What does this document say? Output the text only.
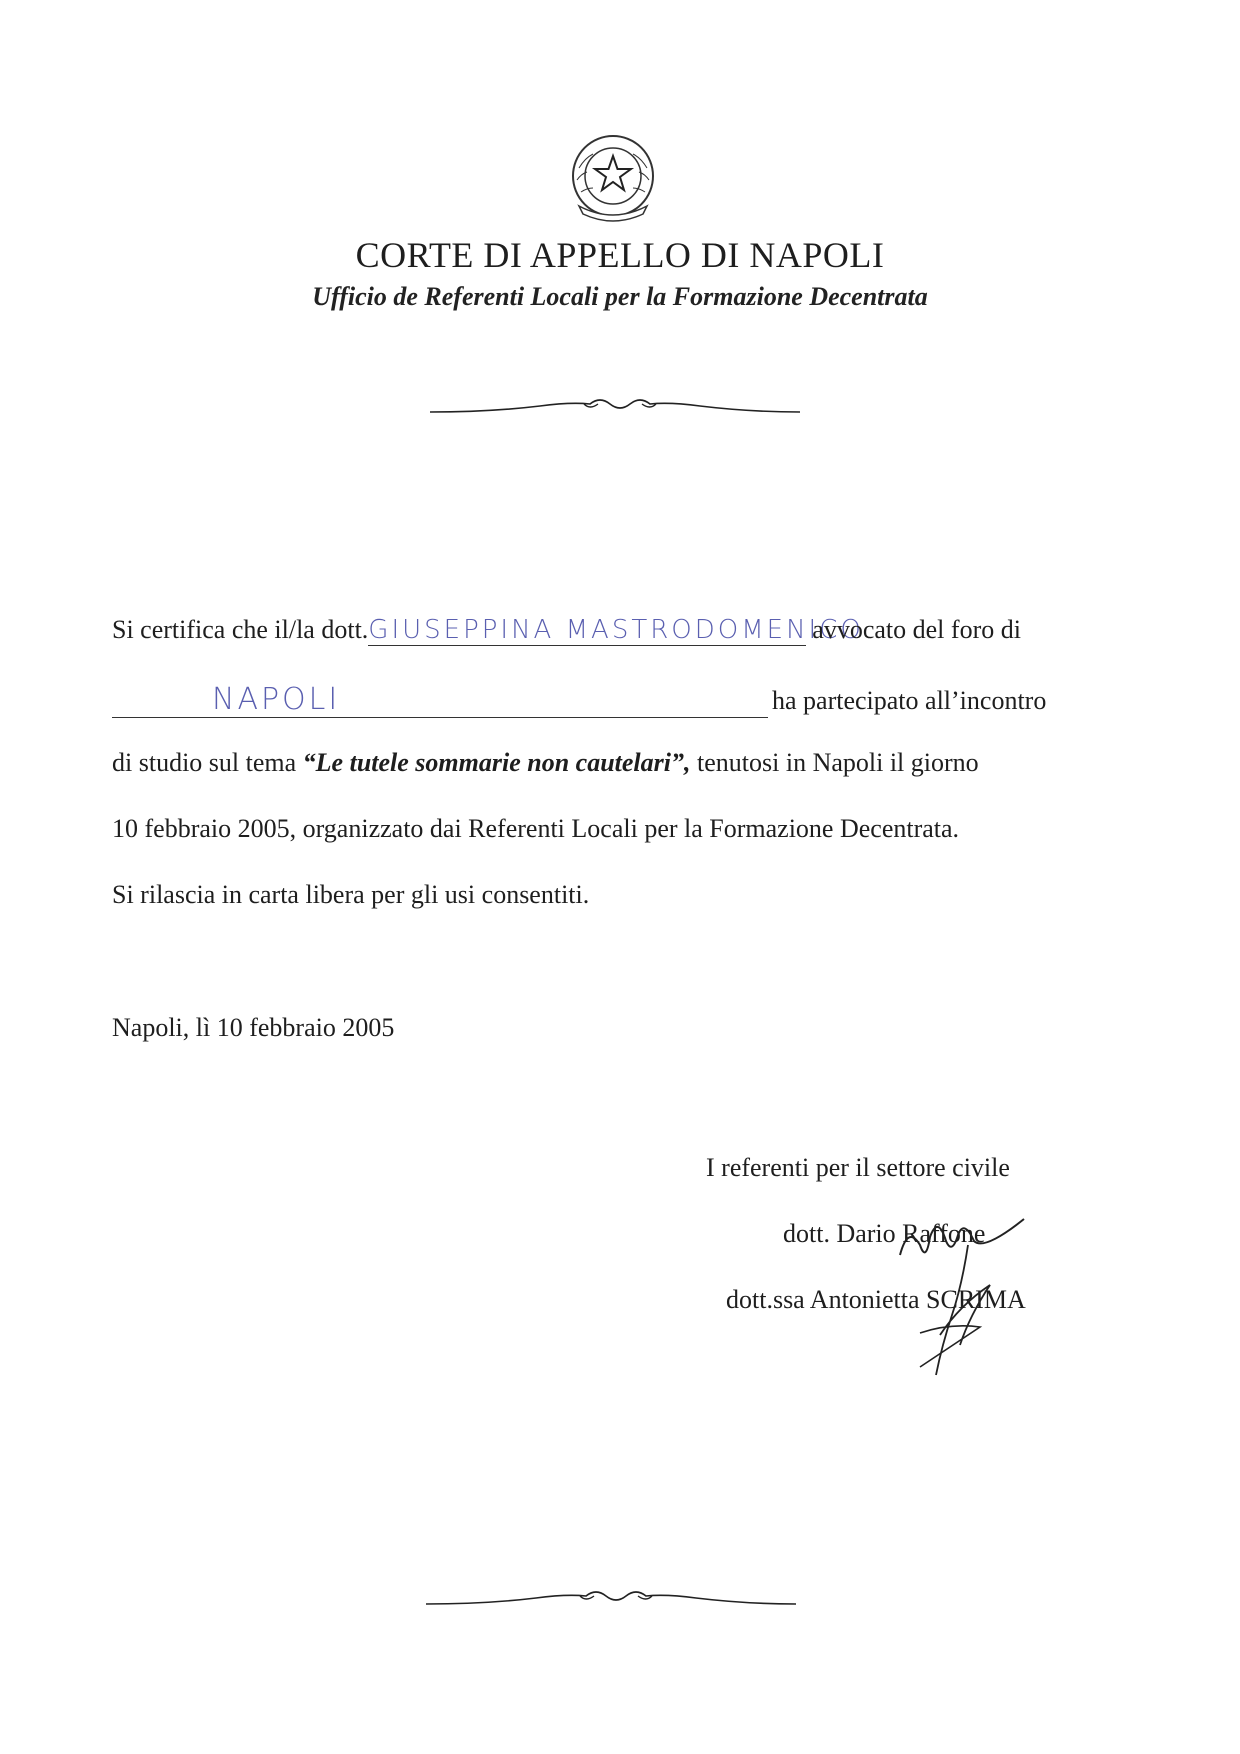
CORTE DI APPELLO DI NAPOLI
Ufficio de Referenti Locali per la Formazione Decentrata
Si certifica che il/la dott.GIUSEPPINA MASTRODOMENICOavvocato del foro di
NAPOLI	ha partecipato all’incontro
di studio sul tema “Le tutele sommarie non cautelari”, tenutosi in Napoli il giorno
10 febbraio 2005, organizzato dai Referenti Locali per la Formazione Decentrata.
Si rilascia in carta libera per gli usi consentiti.
Napoli, lì 10 febbraio 2005
I referenti per il settore civile
dott. Dario Raffone
dott.ssa Antonietta SCRIMA
